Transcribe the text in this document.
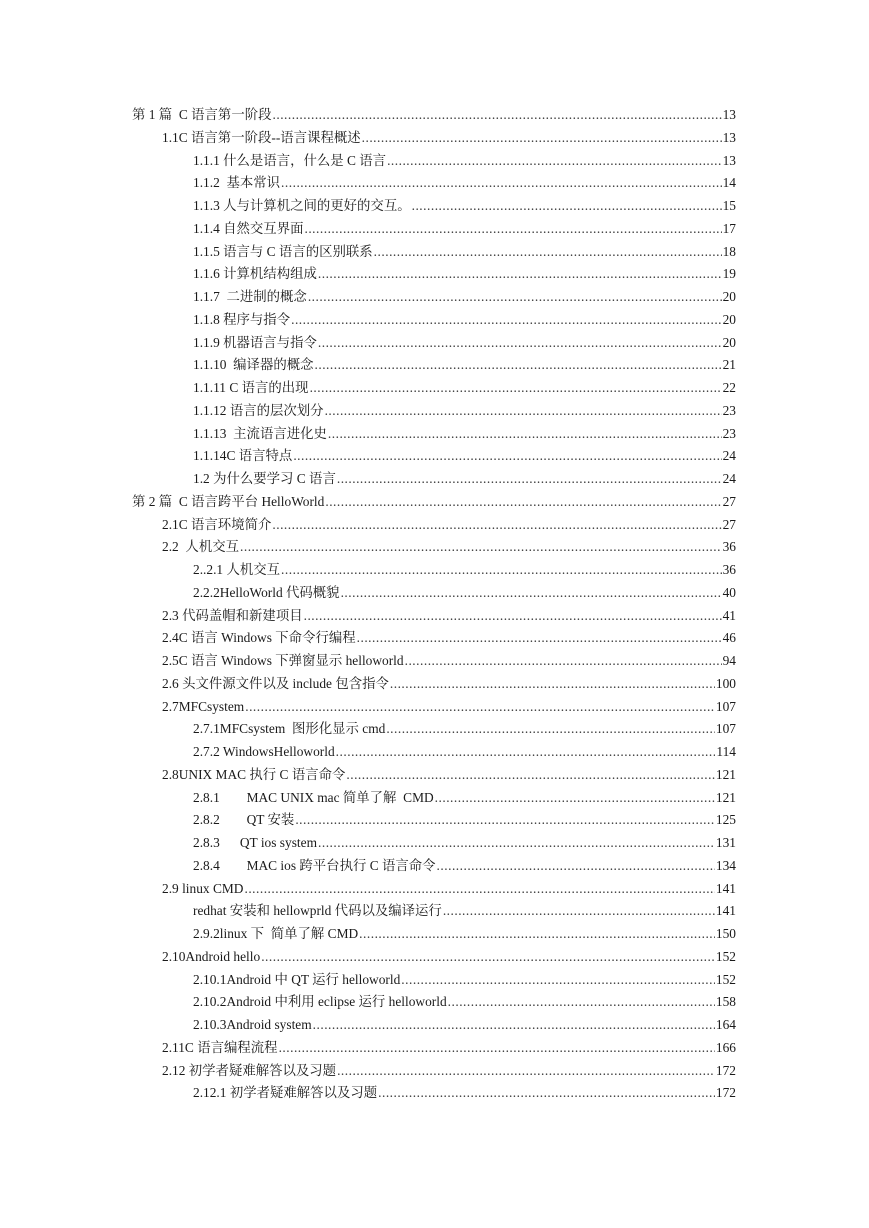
第 1 篇  C 语言第一阶段 .....	13
1.1C 语言第一阶段--语言课程概述 .....	13
1.1.1 什么是语言，什么是 C 语言 .....	13
1.1.2  基本常识 .....	14
1.1.3 人与计算机之间的更好的交互。 .....	15
1.1.4 自然交互界面 .....	17
1.1.5 语言与 C 语言的区别联系 .....	18
1.1.6 计算机结构组成 .....	19
1.1.7  二进制的概念 .....	20
1.1.8 程序与指令 .....	20
1.1.9 机器语言与指令 .....	20
1.1.10  编译器的概念 .....	21
1.1.11 C 语言的出现 .....	22
1.1.12 语言的层次划分 .....	23
1.1.13  主流语言进化史 .....	23
1.1.14C 语言特点 .....	24
1.2 为什么要学习 C 语言 .....	24
第 2 篇  C 语言跨平台 HelloWorld .....	27
2.1C 语言环境简介 .....	27
2.2  人机交互 .....	36
2..2.1 人机交互 .....	36
2.2.2HelloWorld 代码概貌 .....	40
2.3 代码盖帽和新建项目 .....	41
2.4C 语言 Windows 下命令行编程 .....	46
2.5C 语言 Windows 下弹窗显示 helloworld .....	94
2.6 头文件源文件以及 include 包含指令 .....	100
2.7MFCsystem .....	107
2.7.1MFCsystem  图形化显示 cmd .....	107
2.7.2 WindowsHelloworld .....	114
2.8UNIX MAC 执行 C 语言命令 .....	121
2.8.1        MAC UNIX mac 简单了解  CMD .....	121
2.8.2        QT 安装 .....	125
2.8.3      QT ios system .....	131
2.8.4        MAC ios 跨平台执行 C 语言命令 .....	134
2.9 linux CMD .....	141
redhat 安装和 hellowprld 代码以及编译运行 .....	141
2.9.2linux 下  简单了解 CMD .....	150
2.10Android hello .....	152
2.10.1Android 中 QT 运行 helloworld .....	152
2.10.2Android 中利用 eclipse 运行 helloworld .....	158
2.10.3Android system .....	164
2.11C 语言编程流程 .....	166
2.12 初学者疑难解答以及习题 .....	172
2.12.1 初学者疑难解答以及习题 .....	172
